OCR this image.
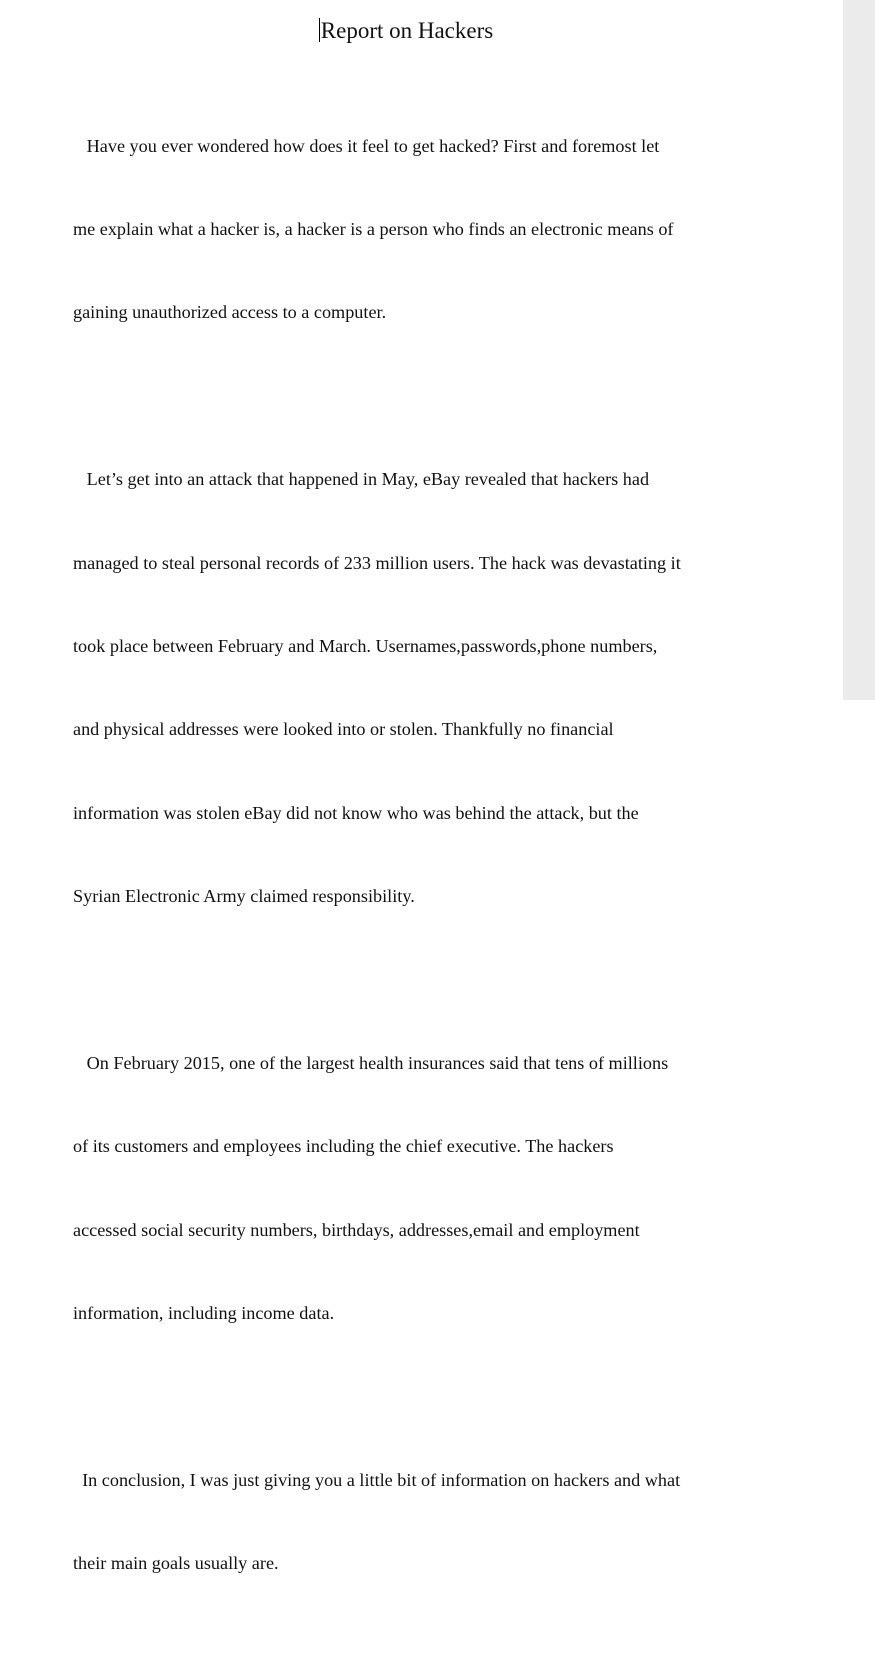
Report on Hackers

Have you ever wondered how does it feel to get hacked? First and foremost let

me explain what a hacker is, a hacker is a person who finds an electronic means of

gaining unauthorized access to a computer.

Let’s get into an attack that happened in May, eBay revealed that hackers had

managed to steal personal records of 233 million users. The hack was devastating it

took place between February and March. Usernames,passwords,phone numbers,

and physical addresses were looked into or stolen. Thankfully no financial

information was stolen eBay did not know who was behind the attack, but the

Syrian Electronic Army claimed responsibility.

On February 2015, one of the largest health insurances said that tens of millions

of its customers and employees including the chief executive. The hackers

accessed social security numbers, birthdays, addresses,email and employment

information, including income data.

In conclusion, I was just giving you a little bit of information on hackers and what

their main goals usually are.
